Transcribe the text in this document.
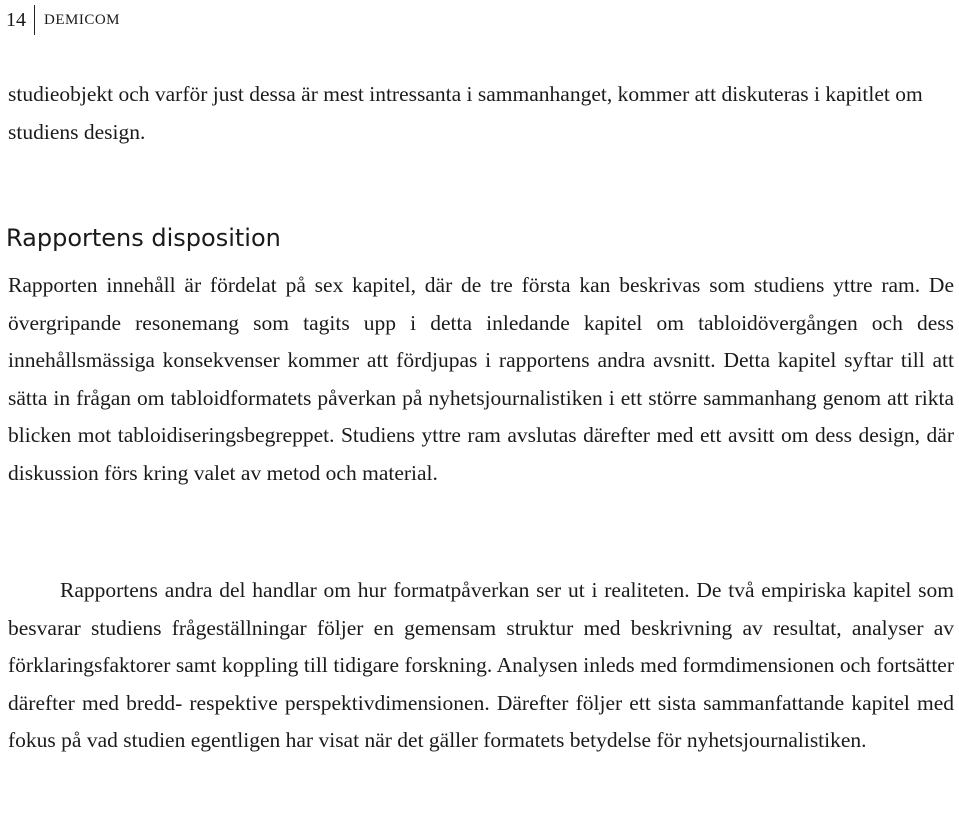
14	DEMICOM

studieobjekt och varför just dessa är mest intressanta i sammanhanget, kommer att diskuteras i kapitlet om studiens design.

Rapportens disposition

Rapporten innehåll är fördelat på sex kapitel, där de tre första kan beskrivas som studiens yttre ram. De övergripande resonemang som tagits upp i detta inledande kapitel om tabloidövergången och dess innehållsmässiga konsekvenser kommer att fördjupas i rapportens andra avsnitt. Detta kapitel syftar till att sätta in frågan om tabloidformatets påverkan på nyhetsjournalistiken i ett större sammanhang genom att rikta blicken mot tabloidiseringsbegreppet. Studiens yttre ram avslutas därefter med ett avsitt om dess design, där diskussion förs kring valet av metod och material.

Rapportens andra del handlar om hur formatpåverkan ser ut i realiteten. De två empiriska kapitel som besvarar studiens frågeställningar följer en gemensam struktur med beskrivning av resultat, analyser av förklaringsfaktorer samt koppling till tidigare forskning. Analysen inleds med formdimensionen och fortsätter därefter med bredd- respektive perspektivdimensionen. Därefter följer ett sista sammanfattande kapitel med fokus på vad studien egentligen har visat när det gäller formatets betydelse för nyhetsjournalistiken.
